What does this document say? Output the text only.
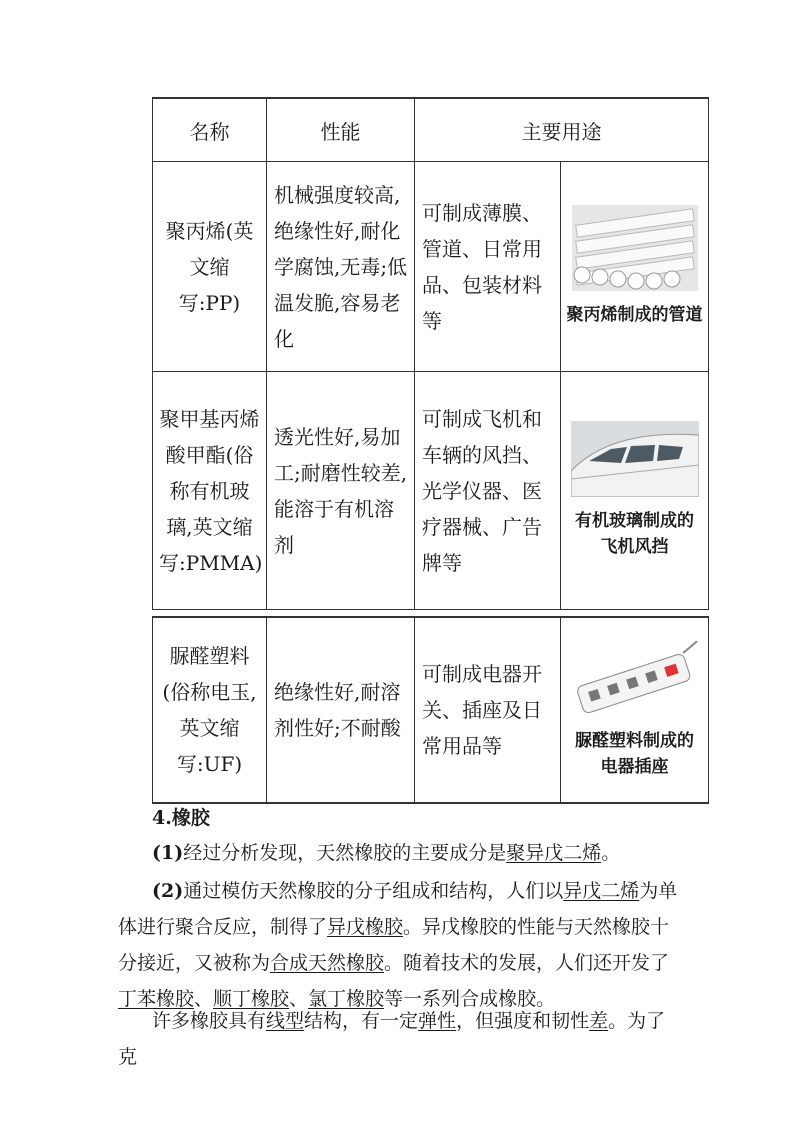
名称	性能	主要用途	
聚丙烯(英文缩写:PP)	机械强度较高,绝缘性好,耐化学腐蚀,无毒;低温发脆,容易老化	可制成薄膜、管道、日常用品、包装材料等	聚丙烯制成的管道

聚甲基丙烯酸甲酯(俗称有机玻璃,英文缩写:PMMA)	透光性好,易加工;耐磨性较差,能溶于有机溶剂	可制成飞机和车辆的风挡、光学仪器、医疗器械、广告牌等	有机玻璃制成的飞机风挡
脲醛塑料(俗称电玉,英文缩写:UF)	绝缘性好,耐溶剂性好;不耐酸	可制成电器开关、插座及日常用品等	脲醛塑料制成的电器插座
4.橡胶
(1)经过分析发现，天然橡胶的主要成分是聚异戊二烯。
(2)通过模仿天然橡胶的分子组成和结构，人们以异戊二烯为单体进行聚合反应，制得了异戊橡胶。异戊橡胶的性能与天然橡胶十分接近，又被称为合成天然橡胶。随着技术的发展，人们还开发了丁苯橡胶、顺丁橡胶、氯丁橡胶等一系列合成橡胶。
许多橡胶具有线型结构，有一定弹性，但强度和韧性差。为了克
